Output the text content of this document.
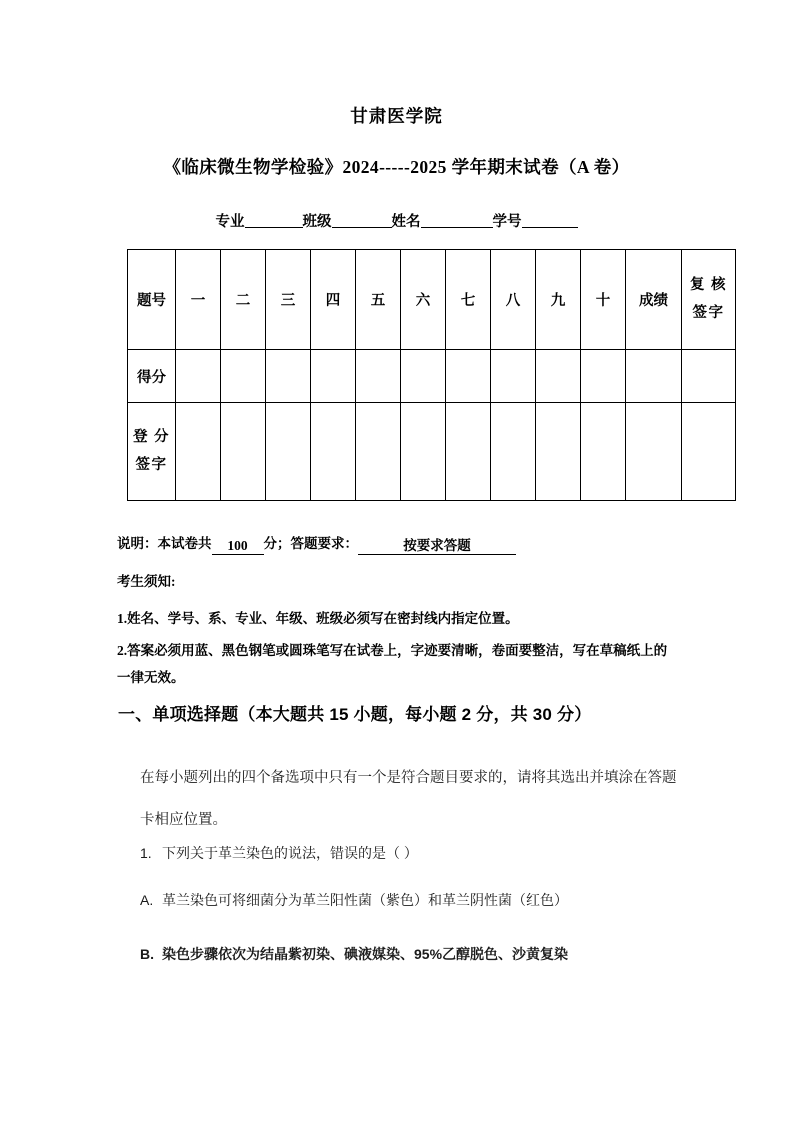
甘肃医学院
《临床微生物学检验》2024-----2025 学年期末试卷（A 卷）
专业	班级	姓名	学号
题号	一	二	三	四	五	六	七	八	九	十	成绩	复 核
签字

得分												

登 分
签字												

说明：本试卷共 100 分；答题要求：	按要求答题
考生须知:
1.姓名、学号、系、专业、年级、班级必须写在密封线内指定位置。
2.答案必须用蓝、黑色钢笔或圆珠笔写在试卷上，字迹要清晰，卷面要整洁，写在草稿纸上的一律无效。
一、单项选择题（本大题共 15 小题，每小题 2 分，共 30 分）
在每小题列出的四个备选项中只有一个是符合题目要求的，请将其选出并填涂在答题卡相应位置。
1. 下列关于革兰染色的说法，错误的是（ ）
A. 革兰染色可将细菌分为革兰阳性菌（紫色）和革兰阴性菌（红色）
B. 染色步骤依次为结晶紫初染、碘液媒染、95%乙醇脱色、沙黄复染
